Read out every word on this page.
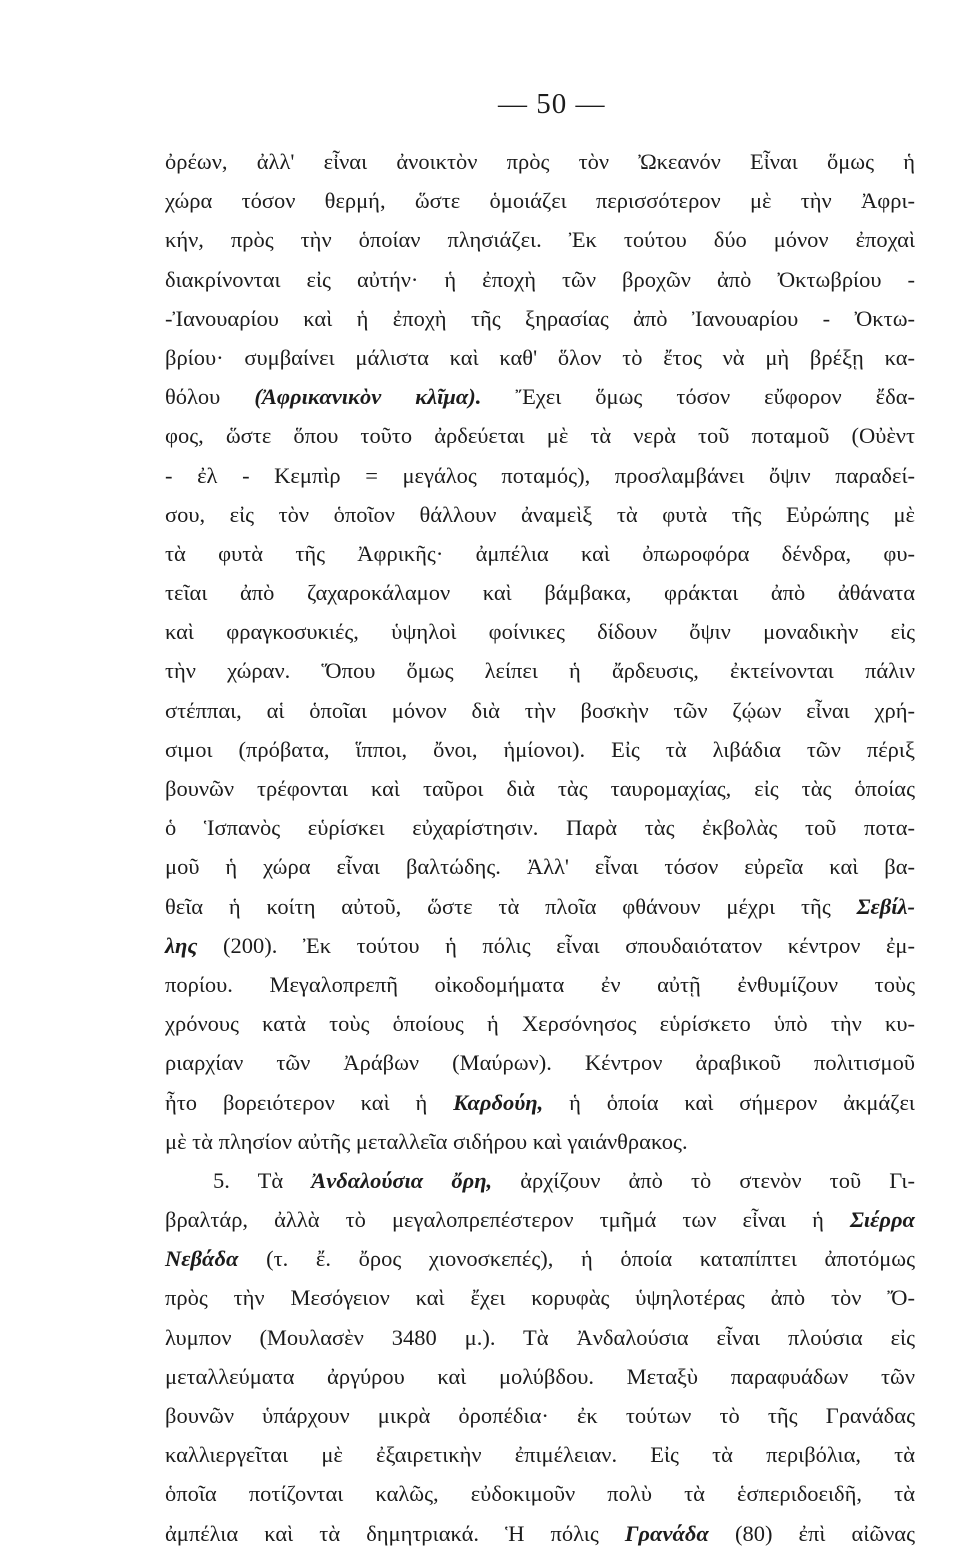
— 50 —
ὀρέων, ἀλλ' εἶναι ἀνοικτὸν πρὸς τὸν Ὠκεανόν Εἶναι ὅμως ἡ
χώρα τόσον θερμή, ὥστε ὁμοιάζει περισσότερον μὲ τὴν Ἀφρι-
κήν, πρὸς τὴν ὁποίαν πλησιάζει. Ἐκ τούτου δύο μόνον ἐποχαὶ
διακρίνονται εἰς αὐτήν· ἡ ἐποχὴ τῶν βροχῶν ἀπὸ Ὀκτωβρίου -
-Ἰανουαρίου καὶ ἡ ἐποχὴ τῆς ξηρασίας ἀπὸ Ἰανουαρίου - Ὀκτω-
βρίου· συμβαίνει μάλιστα καὶ καθ' ὅλον τὸ ἔτος νὰ μὴ βρέξῃ κα-
θόλου (Ἀφρικανικὸν κλῖμα). Ἔχει ὅμως τόσον εὔφορον ἔδα-
φος, ὥστε ὅπου τοῦτο ἀρδεύεται μὲ τὰ νερὰ τοῦ ποταμοῦ (Οὐὲντ
- ἐλ - Κεμπὶρ = μεγάλος ποταμός), προσλαμβάνει ὄψιν παραδεί-
σου, εἰς τὸν ὁποῖον θάλλουν ἀναμεὶξ τὰ φυτὰ τῆς Εὐρώπης μὲ
τὰ φυτὰ τῆς Ἀφρικῆς· ἀμπέλια καὶ ὀπωροφόρα δένδρα, φυ-
τεῖαι ἀπὸ ζαχαροκάλαμον καὶ βάμβακα, φράκται ἀπὸ ἀθάνατα
καὶ φραγκοσυκιές, ὑψηλοὶ φοίνικες δίδουν ὄψιν μοναδικὴν εἰς
τὴν χώραν. Ὅπου ὅμως λείπει ἡ ἄρδευσις, ἐκτείνονται πάλιν
στέππαι, αἱ ὁποῖαι μόνον διὰ τὴν βοσκὴν τῶν ζῴων εἶναι χρή-
σιμοι (πρόβατα, ἵπποι, ὄνοι, ἡμίονοι). Εἰς τὰ λιβάδια τῶν πέριξ
βουνῶν τρέφονται καὶ ταῦροι διὰ τὰς ταυρομαχίας, εἰς τὰς ὁποίας
ὁ Ἱσπανὸς εὑρίσκει εὐχαρίστησιν. Παρὰ τὰς ἐκβολὰς τοῦ ποτα-
μοῦ ἡ χώρα εἶναι βαλτώδης. Ἀλλ' εἶναι τόσον εὐρεῖα καὶ βα-
θεῖα ἡ κοίτη αὐτοῦ, ὥστε τὰ πλοῖα φθάνουν μέχρι τῆς Σεβίλ-
λης (200). Ἐκ τούτου ἡ πόλις εἶναι σπουδαιότατον κέντρον ἐμ-
πορίου. Μεγαλοπρεπῆ οἰκοδομήματα ἐν αὐτῇ ἐνθυμίζουν τοὺς
χρόνους κατὰ τοὺς ὁποίους ἡ Χερσόνησος εὑρίσκετο ὑπὸ τὴν κυ-
ριαρχίαν τῶν Ἀράβων (Μαύρων). Κέντρον ἀραβικοῦ πολιτισμοῦ
ἦτο βορειότερον καὶ ἡ Καρδούη, ἡ ὁποία καὶ σήμερον ἀκμάζει
μὲ τὰ πλησίον αὐτῆς μεταλλεῖα σιδήρου καὶ γαιάνθρακος.
5. Τὰ Ἀνδαλούσια ὄρη, ἀρχίζουν ἀπὸ τὸ στενὸν τοῦ Γι-
βραλτάρ, ἀλλὰ τὸ μεγαλοπρεπέστερον τμῆμά των εἶναι ἡ Σιέρρα
Νεβάδα (τ. ἔ. ὄρος χιονοσκεπές), ἡ ὁποία καταπίπτει ἀποτόμως
πρὸς τὴν Μεσόγειον καὶ ἔχει κορυφὰς ὑψηλοτέρας ἀπὸ τὸν Ὄ-
λυμπον (Μουλασὲν 3480 μ.). Τὰ Ἀνδαλούσια εἶναι πλούσια εἰς
μεταλλεύματα ἀργύρου καὶ μολύβδου. Μεταξὺ παραφυάδων τῶν
βουνῶν ὑπάρχουν μικρὰ ὀροπέδια· ἐκ τούτων τὸ τῆς Γρανάδας
καλλιεργεῖται μὲ ἐξαιρετικὴν ἐπιμέλειαν. Εἰς τὰ περιβόλια, τὰ
ὁποῖα ποτίζονται καλῶς, εὐδοκιμοῦν πολὺ τὰ ἑσπεριδοειδῆ, τὰ
ἀμπέλια καὶ τὰ δημητριακά. Ἡ πόλις Γρανάδα (80) ἐπὶ αἰῶνας
